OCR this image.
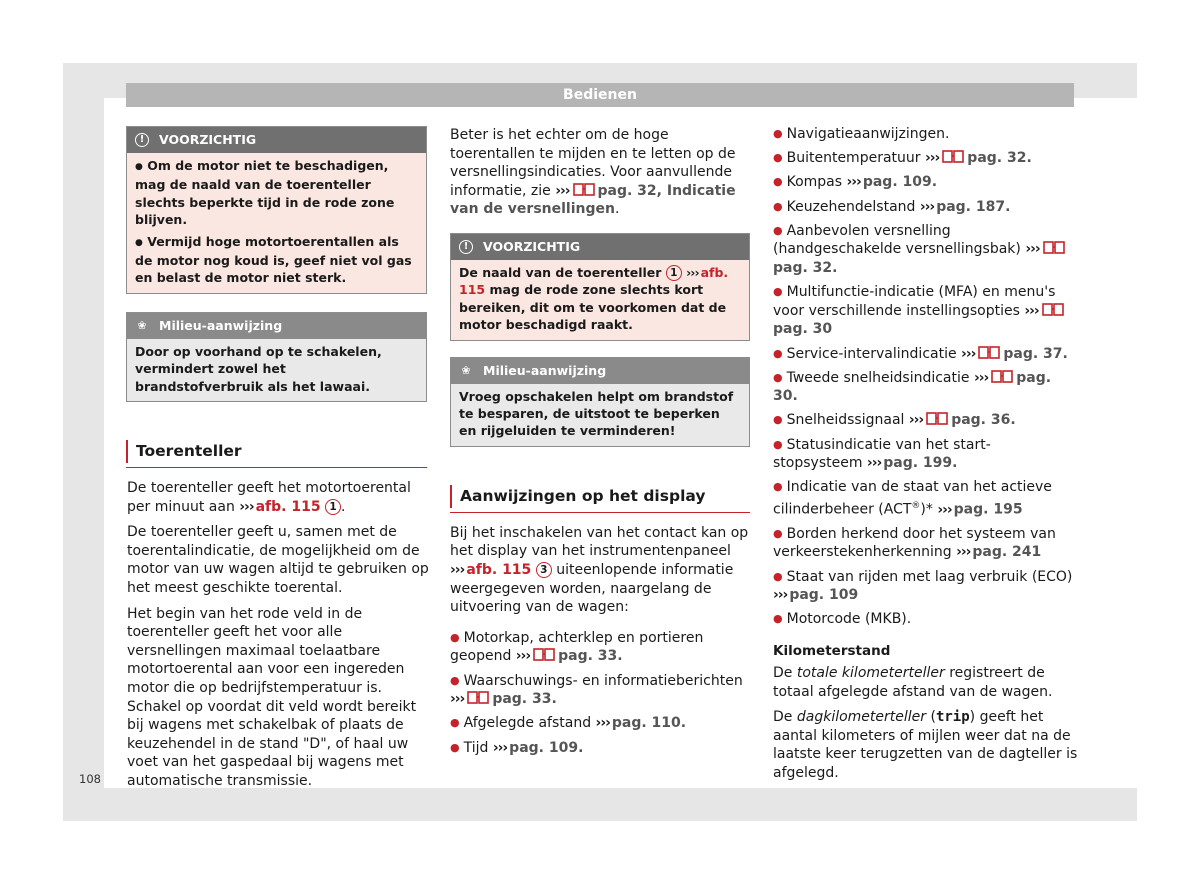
Bedienen
!	VOORZICHTIG
● Om de motor niet te beschadigen, mag de naald van de toerenteller slechts beperkte tijd in de rode zone blijven.
● Vermijd hoge motortoerentallen als de motor nog koud is, geef niet vol gas en belast de motor niet sterk.
❀ Milieu-aanwijzing
Door op voorhand op te schakelen, vermindert zowel het brandstofverbruik als het lawaai.
Toerenteller

De toerenteller geeft het motortoerental per minuut aan ››› afb. 115 1 .

De toerenteller geeft u, samen met de toerentalindicatie, de mogelijkheid om de motor van uw wagen altijd te gebruiken op het meest geschikte toerental.

Het begin van het rode veld in de toerenteller geeft het voor alle versnellingen maximaal toelaatbare motortoerental aan voor een ingereden motor die op bedrijfstemperatuur is. Schakel op voordat dit veld wordt bereikt bij wagens met schakelbak of plaats de keuzehendel in de stand "D", of haal uw voet van het gaspedaal bij wagens met automatische transmissie.

Beter is het echter om de hoge toerentallen te mijden en te letten op de versnellingsindicaties. Voor aanvullende informatie, zie ››› pag. 32, Indicatie van de versnellingen.

!	VOORZICHTIG
De naald van de toerenteller 1 ››› afb. 115 mag de rode zone slechts kort bereiken, dit om te voorkomen dat de motor beschadigd raakt.
❀ Milieu-aanwijzing
Vroeg opschakelen helpt om brandstof te besparen, de uitstoot te beperken en rijgeluiden te verminderen!
Aanwijzingen op het display

Bij het inschakelen van het contact kan op het display van het instrumentenpaneel ››› afb. 115 3 uiteenlopende informatie weergegeven worden, naargelang de uitvoering van de wagen:

● Motorkap, achterklep en portieren geopend ››› pag. 33.
● Waarschuwings- en informatieberichten ››› pag. 33.
● Afgelegde afstand ››› pag. 110.
● Tijd ››› pag. 109.
● Navigatieaanwijzingen.
● Buitentemperatuur ››› pag. 32.
● Kompas ››› pag. 109.
● Keuzehendelstand ››› pag. 187.
● Aanbevolen versnelling (handgeschakelde versnellingsbak) ›››pag. 32.
● Multifunctie-indicatie (MFA) en menu's voor verschillende instellingsopties ›››pag. 30
● Service-intervalindicatie ››› pag. 37.
● Tweede snelheidsindicatie ››› pag. 30.
● Snelheidssignaal ››› pag. 36.
● Statusindicatie van het start-stopsysteem ››› pag. 199.
● Indicatie van de staat van het actieve cilinderbeheer (ACT®)* ››› pag. 195
● Borden herkend door het systeem van verkeerstekenherkenning ››› pag. 241
● Staat van rijden met laag verbruik (ECO) ››› pag. 109
● Motorcode (MKB).
Kilometerstand

De totale kilometerteller registreert de totaal afgelegde afstand van de wagen.

De dagkilometerteller (trip) geeft het aantal kilometers of mijlen weer dat na de laatste keer terugzetten van de dagteller is afgelegd.

108
